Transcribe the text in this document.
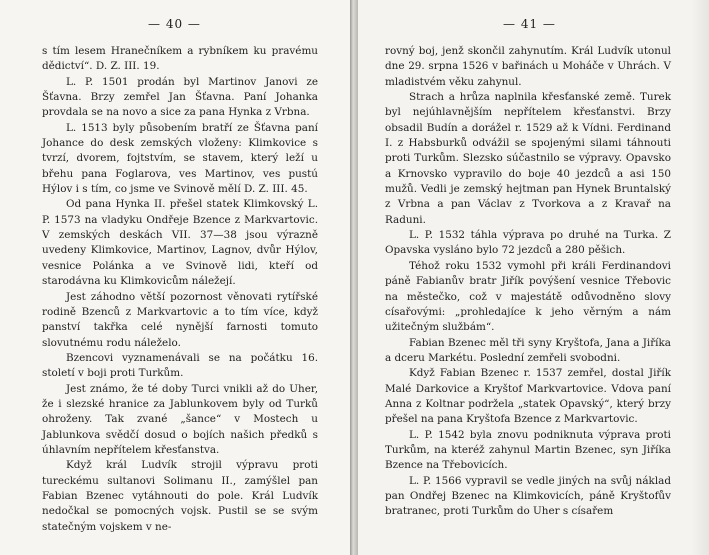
— 40 —

s tím lesem Hranečníkem a rybníkem ku pravému dědictví“. D. Z. III. 19.

L. P. 1501 prodán byl Martinov Janovi ze Šťavna. Brzy zemřel Jan Šťavna. Paní Johanka provdala se na novo a sice za pana Hynka z Vrbna.

L. 1513 byly působením bratří ze Šťavna paní Johance do desk zemských vloženy: Klimkovice s tvrzí, dvorem, fojtstvím, se stavem, který leží u břehu pana Foglarova, ves Martinov, ves pustú Hýlov i s tím, co jsme ve Svinově mělí D. Z. III. 45.

Od pana Hynka II. přešel statek Klimkovský L. P. 1573 na vladyku Ondřeje Bzence z Markvartovic. V zemských deskách VII. 37—38 jsou výrazně uvedeny Klimkovice, Martinov, Lagnov, dvůr Hýlov, vesnice Polánka a ve Svinově lidi, kteří od starodávna ku Klimkovicům náležejí.

Jest záhodno větší pozornost věnovati rytířské rodině Bzenců z Markvartovic a to tím více, když panství takřka celé nynější farnosti tomuto slovutnému rodu náleželo.

Bzencovi vyznamenávali se na počátku 16. století v boji proti Turkům.

Jest známo, že té doby Turci vnikli až do Uher, že i slezské hranice za Jablunkovem byly od Turků ohroženy. Tak zvané „šance“ v Mostech u Jablunkova svědčí dosud o bojích našich předků s úhlavním nepřítelem křesťanstva.

Když král Ludvík strojil výpravu proti tureckému sultanovi Solimanu II., zamýšlel pan Fabian Bzenec vytáhnouti do pole. Král Ludvík nedočkal se pomocných vojsk. Pustil se se svým statečným vojskem v ne-

— 41 —

rovný boj, jenž skončil zahynutím. Král Ludvík utonul dne 29. srpna 1526 v bařinách u Moháče v Uhrách. V mladistvém věku zahynul.

Strach a hrůza naplnila křesťanské země. Turek byl nejúhlavnějším nepřítelem křesťanstvi. Brzy obsadil Budín a dorážel r. 1529 až k Vídni. Ferdinand I. z Habsburků odvážil se spojenými silami táhnouti proti Turkům. Slezsko súčastnilo se výpravy. Opavsko a Krnovsko vypravilo do boje 40 jezdců a asi 150 mužů. Vedli je zemský hejtman pan Hynek Bruntalský z Vrbna a pan Václav z Tvorkova a z Kravař na Raduni.

L. P. 1532 táhla výprava po druhé na Turka. Z Opavska vysláno bylo 72 jezdců a 280 pěšich.

Téhož roku 1532 vymohl při králi Ferdinandovi páně Fabianův bratr Jiřík povýšení vesnice Třebovic na městečko, což v majestátě odůvodněno slovy císařovými: „prohledajíce k jeho věrným a nám užitečným službám“.

Fabian Bzenec měl tři syny Kryštofa, Jana a Jiříka a dceru Markétu. Poslední zemřeli svobodni.

Když Fabian Bzenec r. 1537 zemřel, dostal Jiřík Malé Darkovice a Kryštof Markvartovice. Vdova paní Anna z Koltnar podržela „statek Opavský“, který brzy přešel na pana Kryštofa Bzence z Markvartovic.

L. P. 1542 byla znovu podniknuta výprava proti Turkům, na kteréž zahynul Martin Bzenec, syn Jiříka Bzence na Třebovicích.

L. P. 1566 vypravil se vedle jiných na svůj náklad pan Ondřej Bzenec na Klimkovicích, páně Kryštofův bratranec, proti Turkům do Uher s císařem
